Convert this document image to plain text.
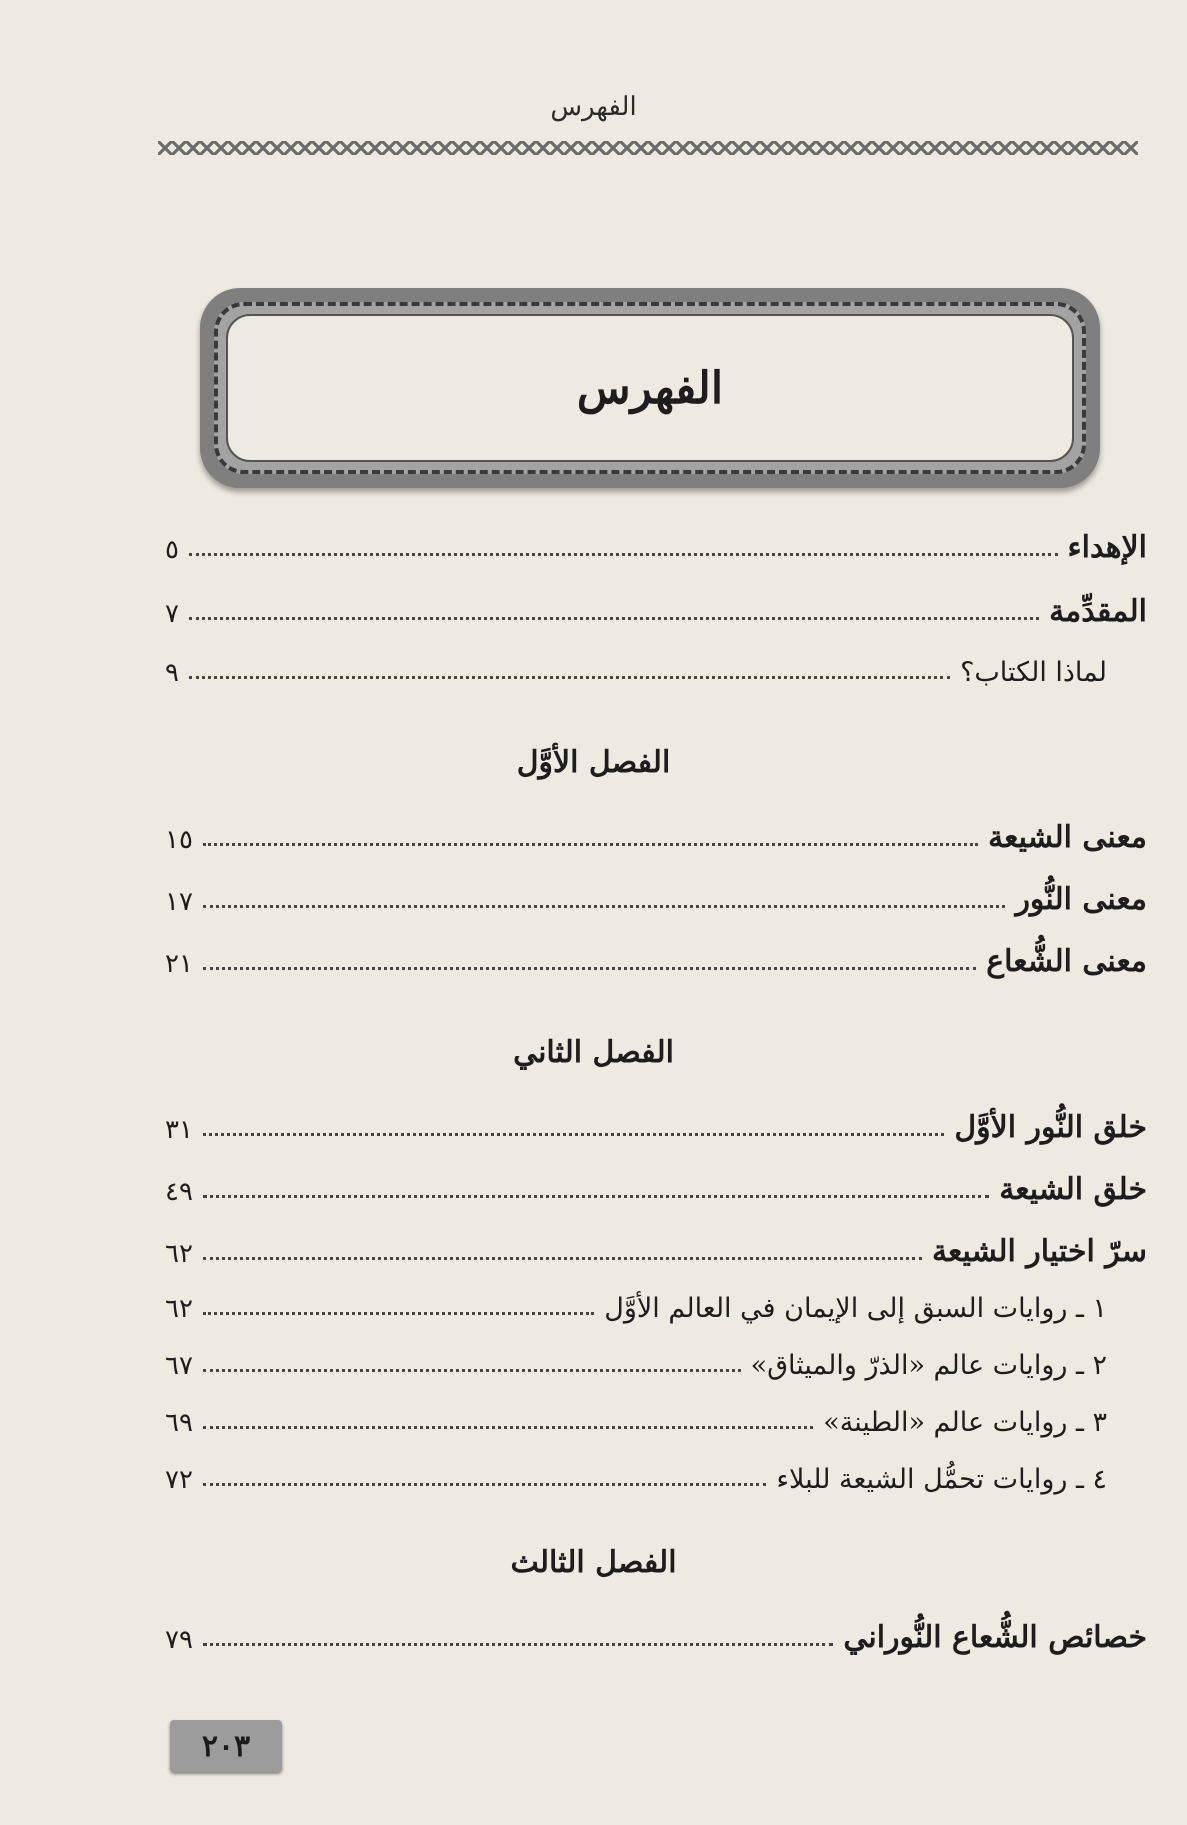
الفهرس
الفهرس
الإهداء
٥
المقدِّمة
٧
لماذا الكتاب؟
٩
الفصل الأوَّل
معنى الشيعة
١٥
معنى النُّور
١٧
معنى الشُّعاع
٢١
الفصل الثاني
خلق النُّور الأوَّل
٣١
خلق الشيعة
٤٩
سرّ اختيار الشيعة
٦٢
١ ـ روايات السبق إلى الإيمان في العالم الأوَّل
٦٢
٢ ـ روايات عالم «الذرّ والميثاق»
٦٧
٣ ـ روايات عالم «الطينة»
٦٩
٤ ـ روايات تحمُّل الشيعة للبلاء
٧٢
الفصل الثالث
خصائص الشُّعاع النُّوراني
٧٩
٢٠٣
